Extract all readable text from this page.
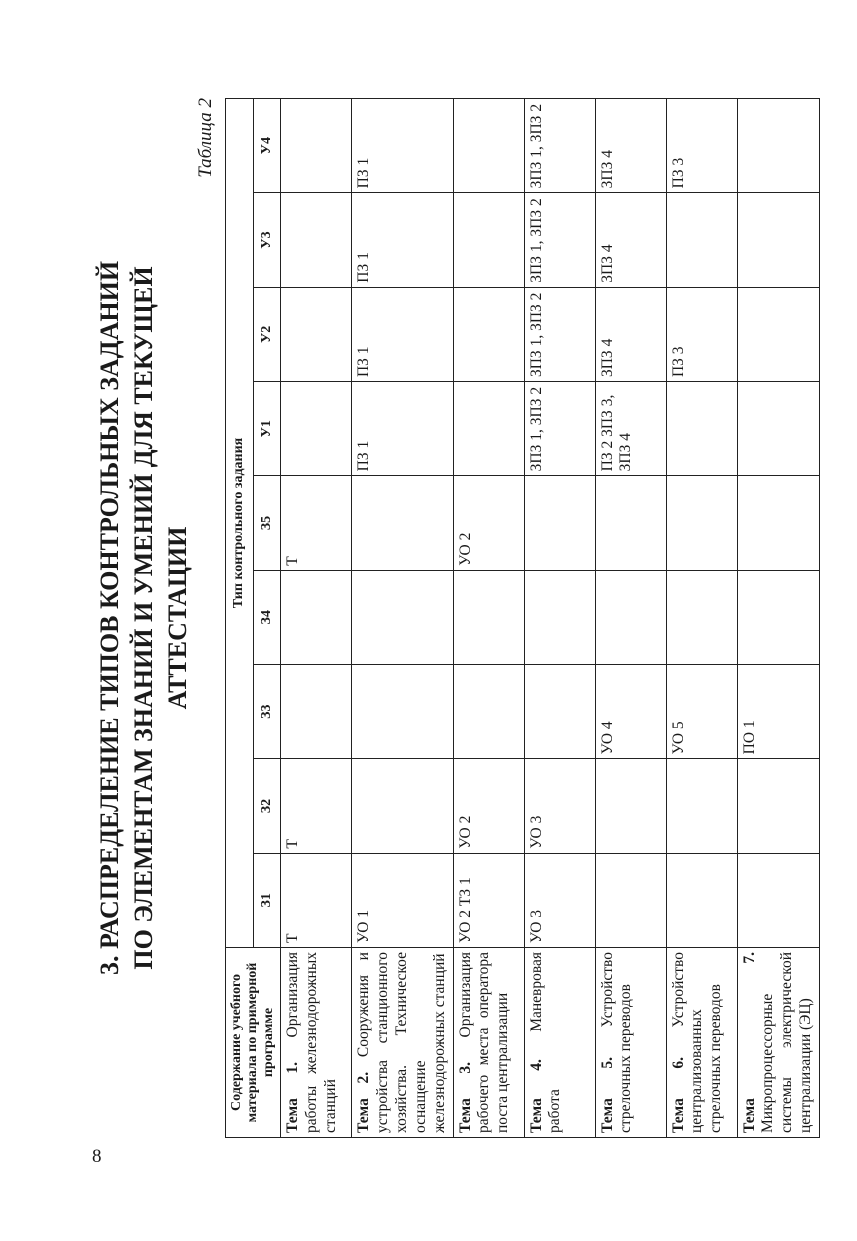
8
3. РАСПРЕДЕЛЕНИЕ ТИПОВ КОНТРОЛЬНЫХ ЗАДАНИЙ ПО ЭЛЕМЕНТАМ ЗНАНИЙ И УМЕНИЙ ДЛЯ ТЕКУЩЕЙ АТТЕСТАЦИИ
Таблица 2
Содержание учебного материала по примерной программе	Тип контрольного задания								
	З1	З2	З3	З4	З5	У1	У2	У3	У4
Тема 1. Организация работы железнодорожных станций	Т	Т			Т				
Тема 2. Сооружения и устройства станционного хозяйства. Техническое оснащение железнодорожных станций	УО 1					ПЗ 1	ПЗ 1	ПЗ 1	ПЗ 1
Тема 3. Организация рабочего места оператора поста централизации	УО 2 ТЗ 1	УО 2			УО 2				
Тема 4. Маневровая работа	УО 3	УО 3				ЗПЗ 1, ЗПЗ 2	ЗПЗ 1, ЗПЗ 2	ЗПЗ 1, ЗПЗ 2	ЗПЗ 1, ЗПЗ 2
Тема 5. Устройство стрелочных переводов			УО 4			ПЗ 2 ЗПЗ 3, ЗПЗ 4	ЗПЗ 4	ЗПЗ 4	ЗПЗ 4
Тема 6. Устройство централизованных стрелочных переводов			УО 5				ПЗ 3		ПЗ 3
Тема 7. Микропроцессорные системы электрической централизации (ЭЦ)			ПО 1						
